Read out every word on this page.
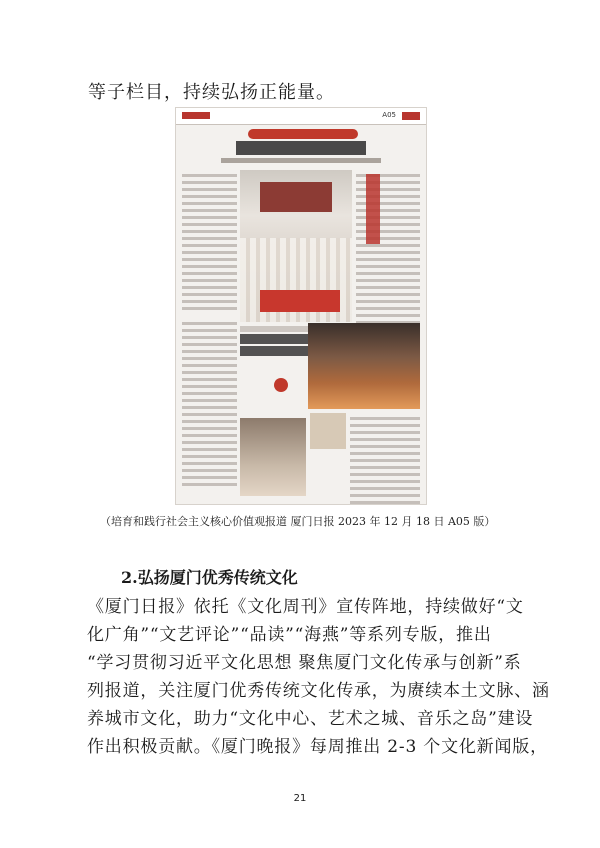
等子栏目，持续弘扬正能量。
A05
（培育和践行社会主义核心价值观报道 厦门日报 2023 年 12 月 18 日 A05 版）
2.弘扬厦门优秀传统文化
《厦门日报》依托《文化周刊》宣传阵地，持续做好“文
化广角”“文艺评论”“品读”“海燕”等系列专版，推出
“学习贯彻习近平文化思想 聚焦厦门文化传承与创新”系
列报道，关注厦门优秀传统文化传承，为赓续本土文脉、涵
养城市文化，助力“文化中心、艺术之城、音乐之岛”建设
作出积极贡献。《厦门晚报》每周推出 2-3 个文化新闻版，
21
